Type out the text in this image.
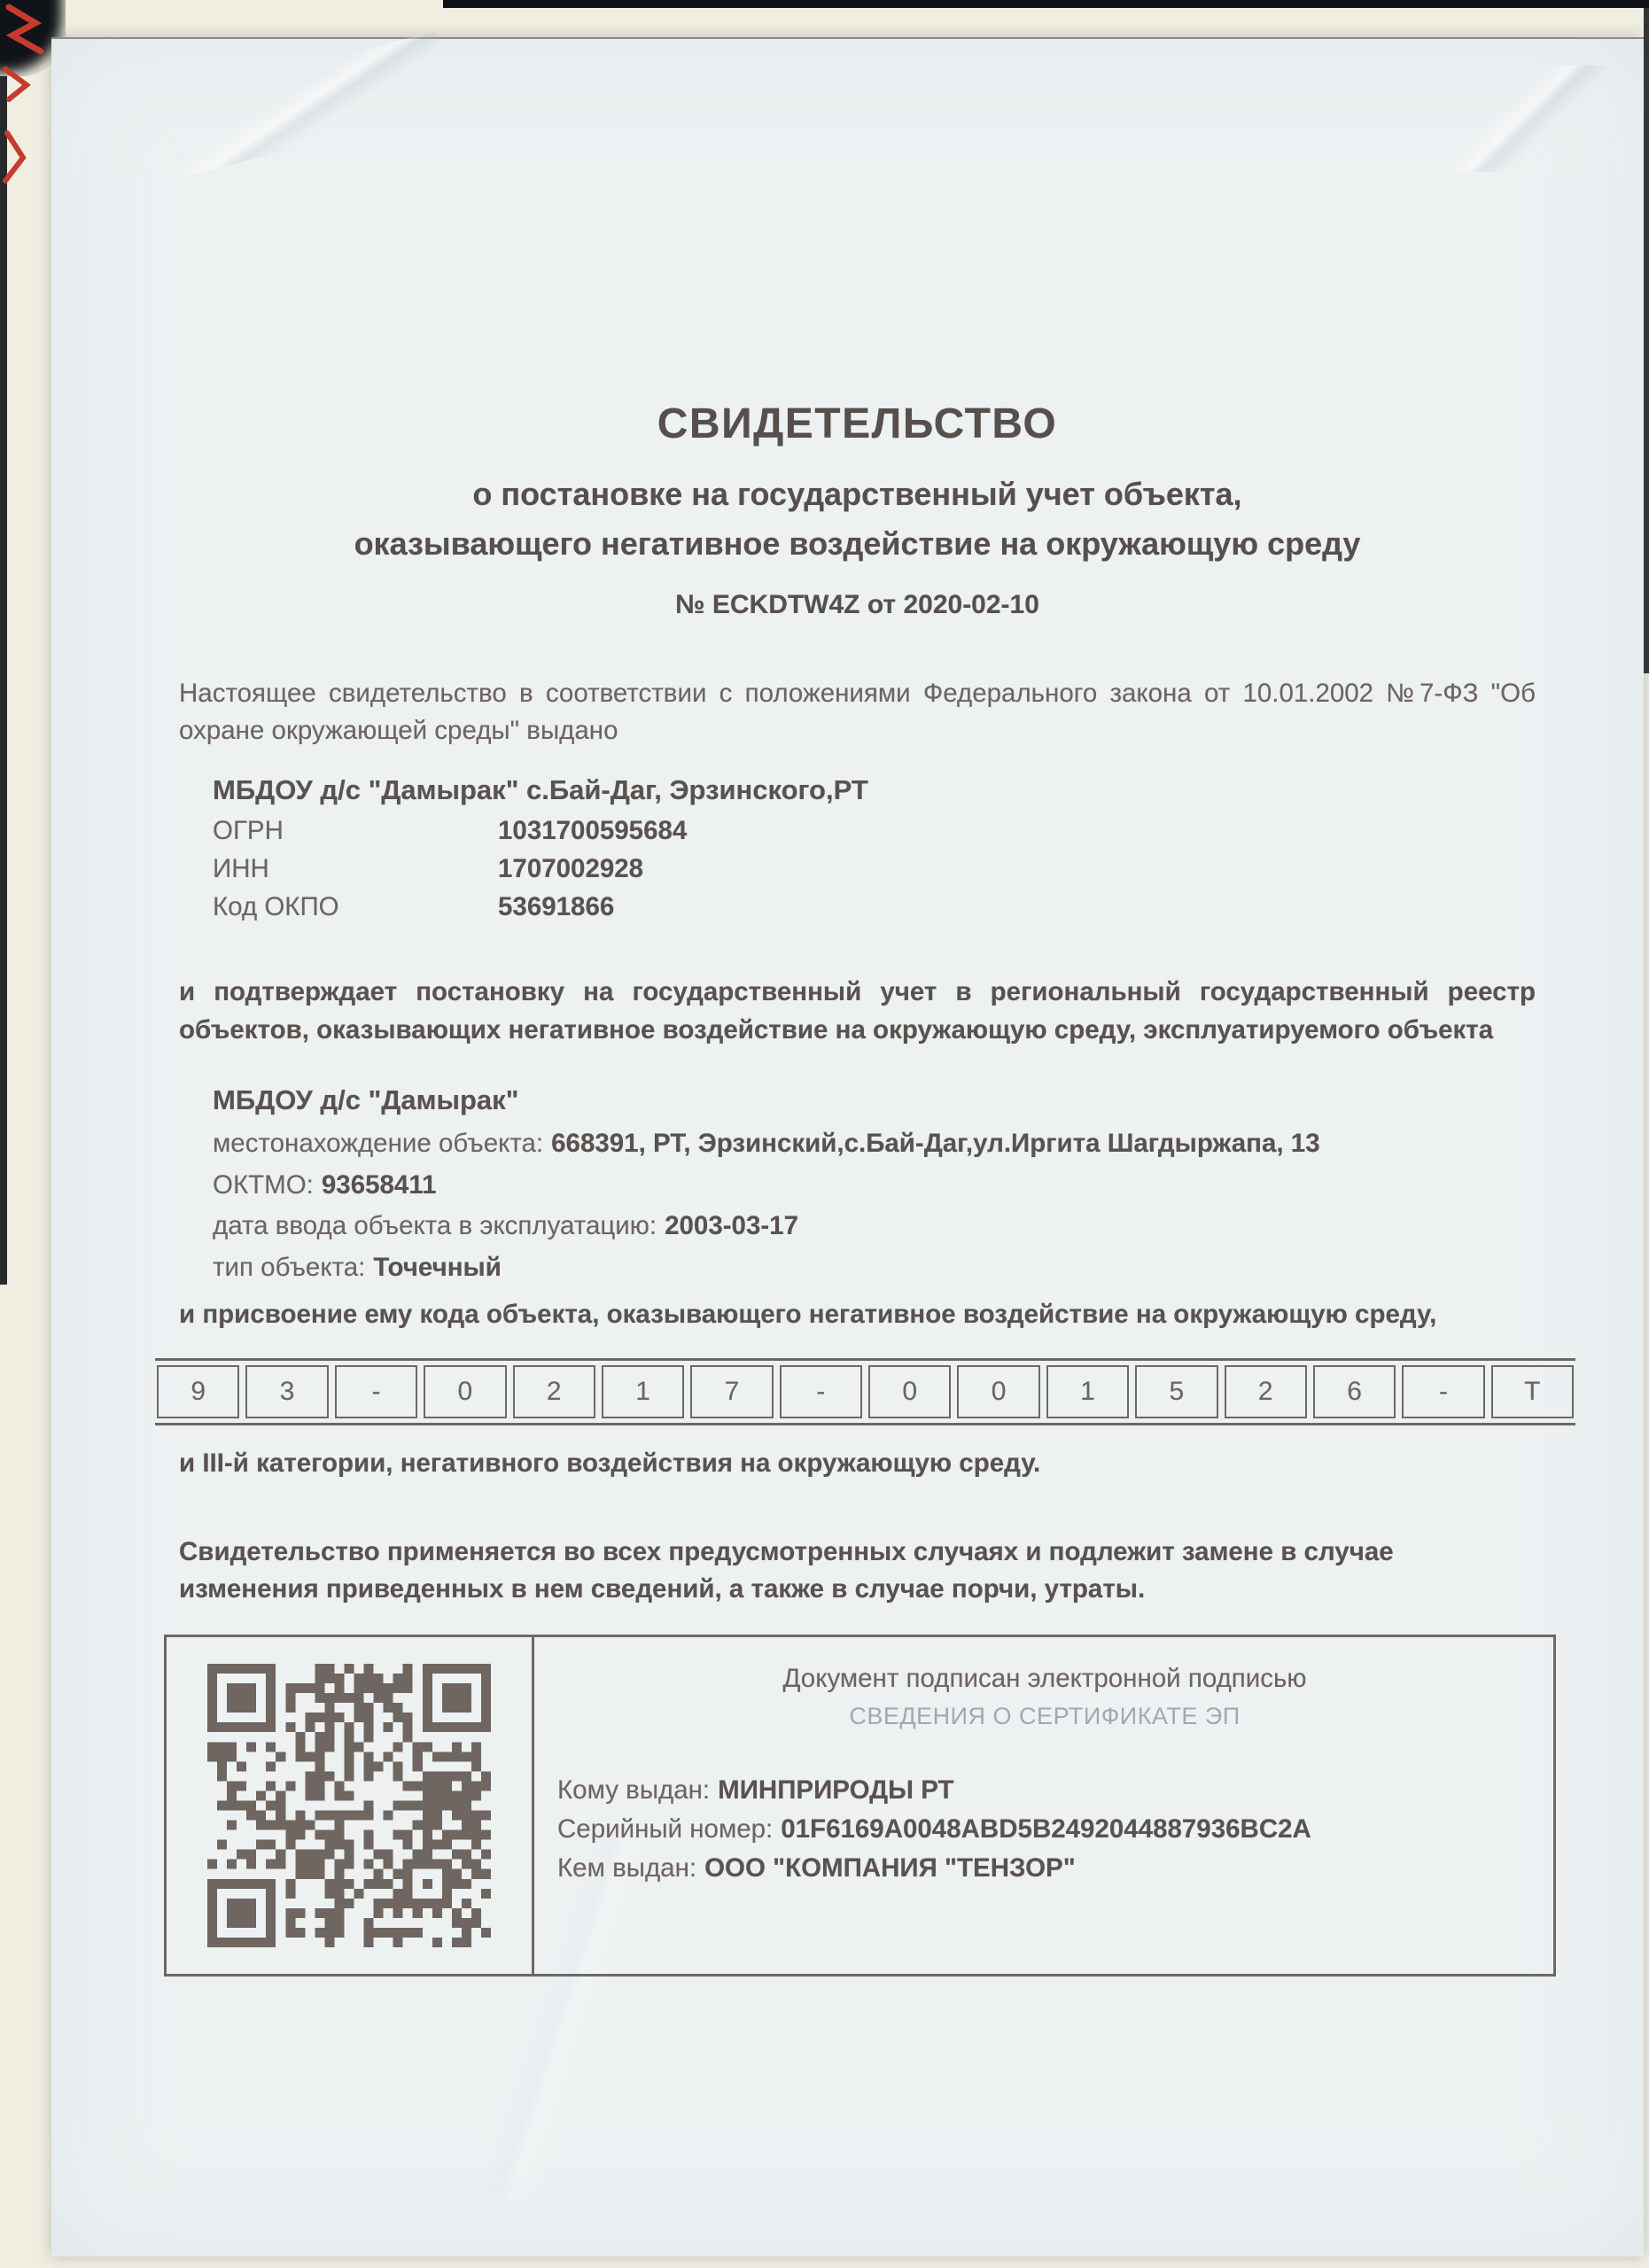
СВИДЕТЕЛЬСТВО
о постановке на государственный учет объекта,
оказывающего негативное воздействие на окружающую среду
№ ECKDTW4Z от 2020-02-10
Настоящее свидетельство в соответствии с положениями Федерального закона от 10.01.2002 №7-ФЗ "Об охране окружающей среды" выдано
МБДОУ д/с "Дамырак" с.Бай-Даг, Эрзинского,РТ
ОГРН	1031700595684
ИНН	1707002928
Код ОКПО	53691866
и подтверждает постановку на государственный учет в региональный государственный реестр объектов, оказывающих негативное воздействие на окружающую среду, эксплуатируемого объекта
МБДОУ д/с "Дамырак"
местонахождение объекта: 668391, РТ, Эрзинский,с.Бай-Даг,ул.Иргита Шагдыржапа, 13
ОКТМО: 93658411
дата ввода объекта в эксплуатацию: 2003-03-17
тип объекта: Точечный
и присвоение ему кода объекта, оказывающего негативное воздействие на окружающую среду,
9	3	-	0	2	1	7	-	0	0	1	5	2	6	-	Т
и III-й категории, негативного воздействия на окружающую среду.
Свидетельство применяется во всех предусмотренных случаях и подлежит замене в случае изменения приведенных в нем сведений, а также в случае порчи, утраты.
Документ подписан электронной подписью
СВЕДЕНИЯ О СЕРТИФИКАТЕ ЭП
Кому выдан: МИНПРИРОДЫ РТ
Серийный номер: 01F6169A0048ABD5B2492044887936BC2A
Кем выдан: ООО "КОМПАНИЯ "ТЕНЗОР"
